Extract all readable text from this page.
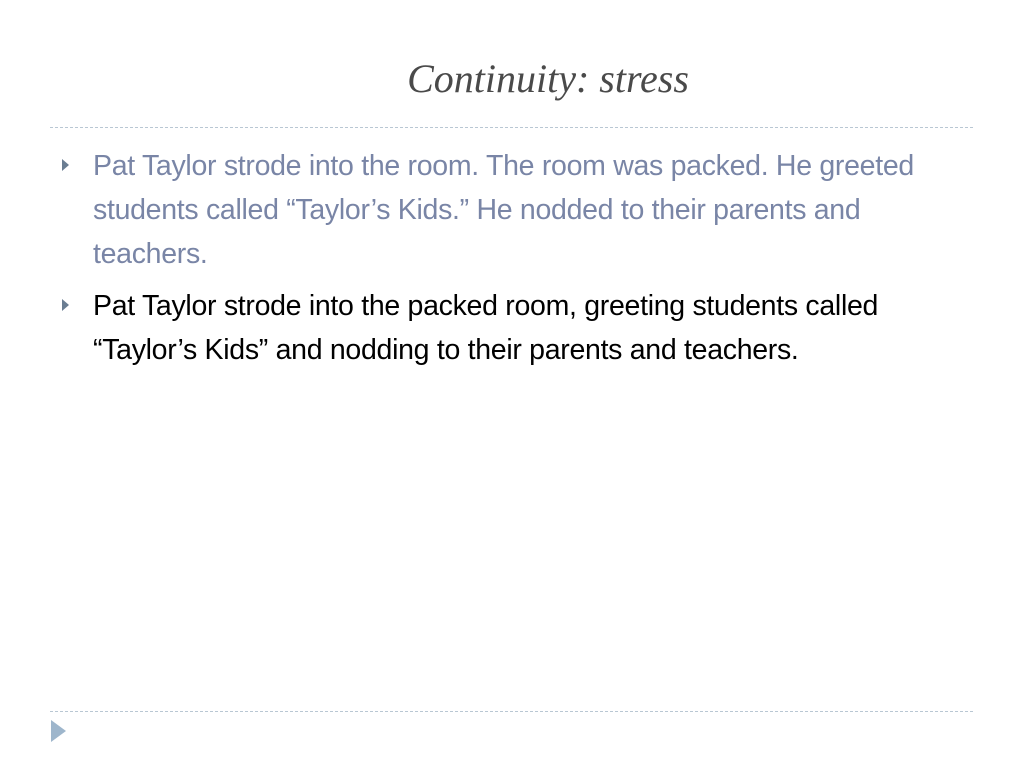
Continuity: stress
Pat Taylor strode into the room. The room was packed. He greeted students called “Taylor’s Kids.” He nodded to their parents and teachers.
Pat Taylor strode into the packed room, greeting students called “Taylor’s Kids” and nodding to their parents and teachers.
